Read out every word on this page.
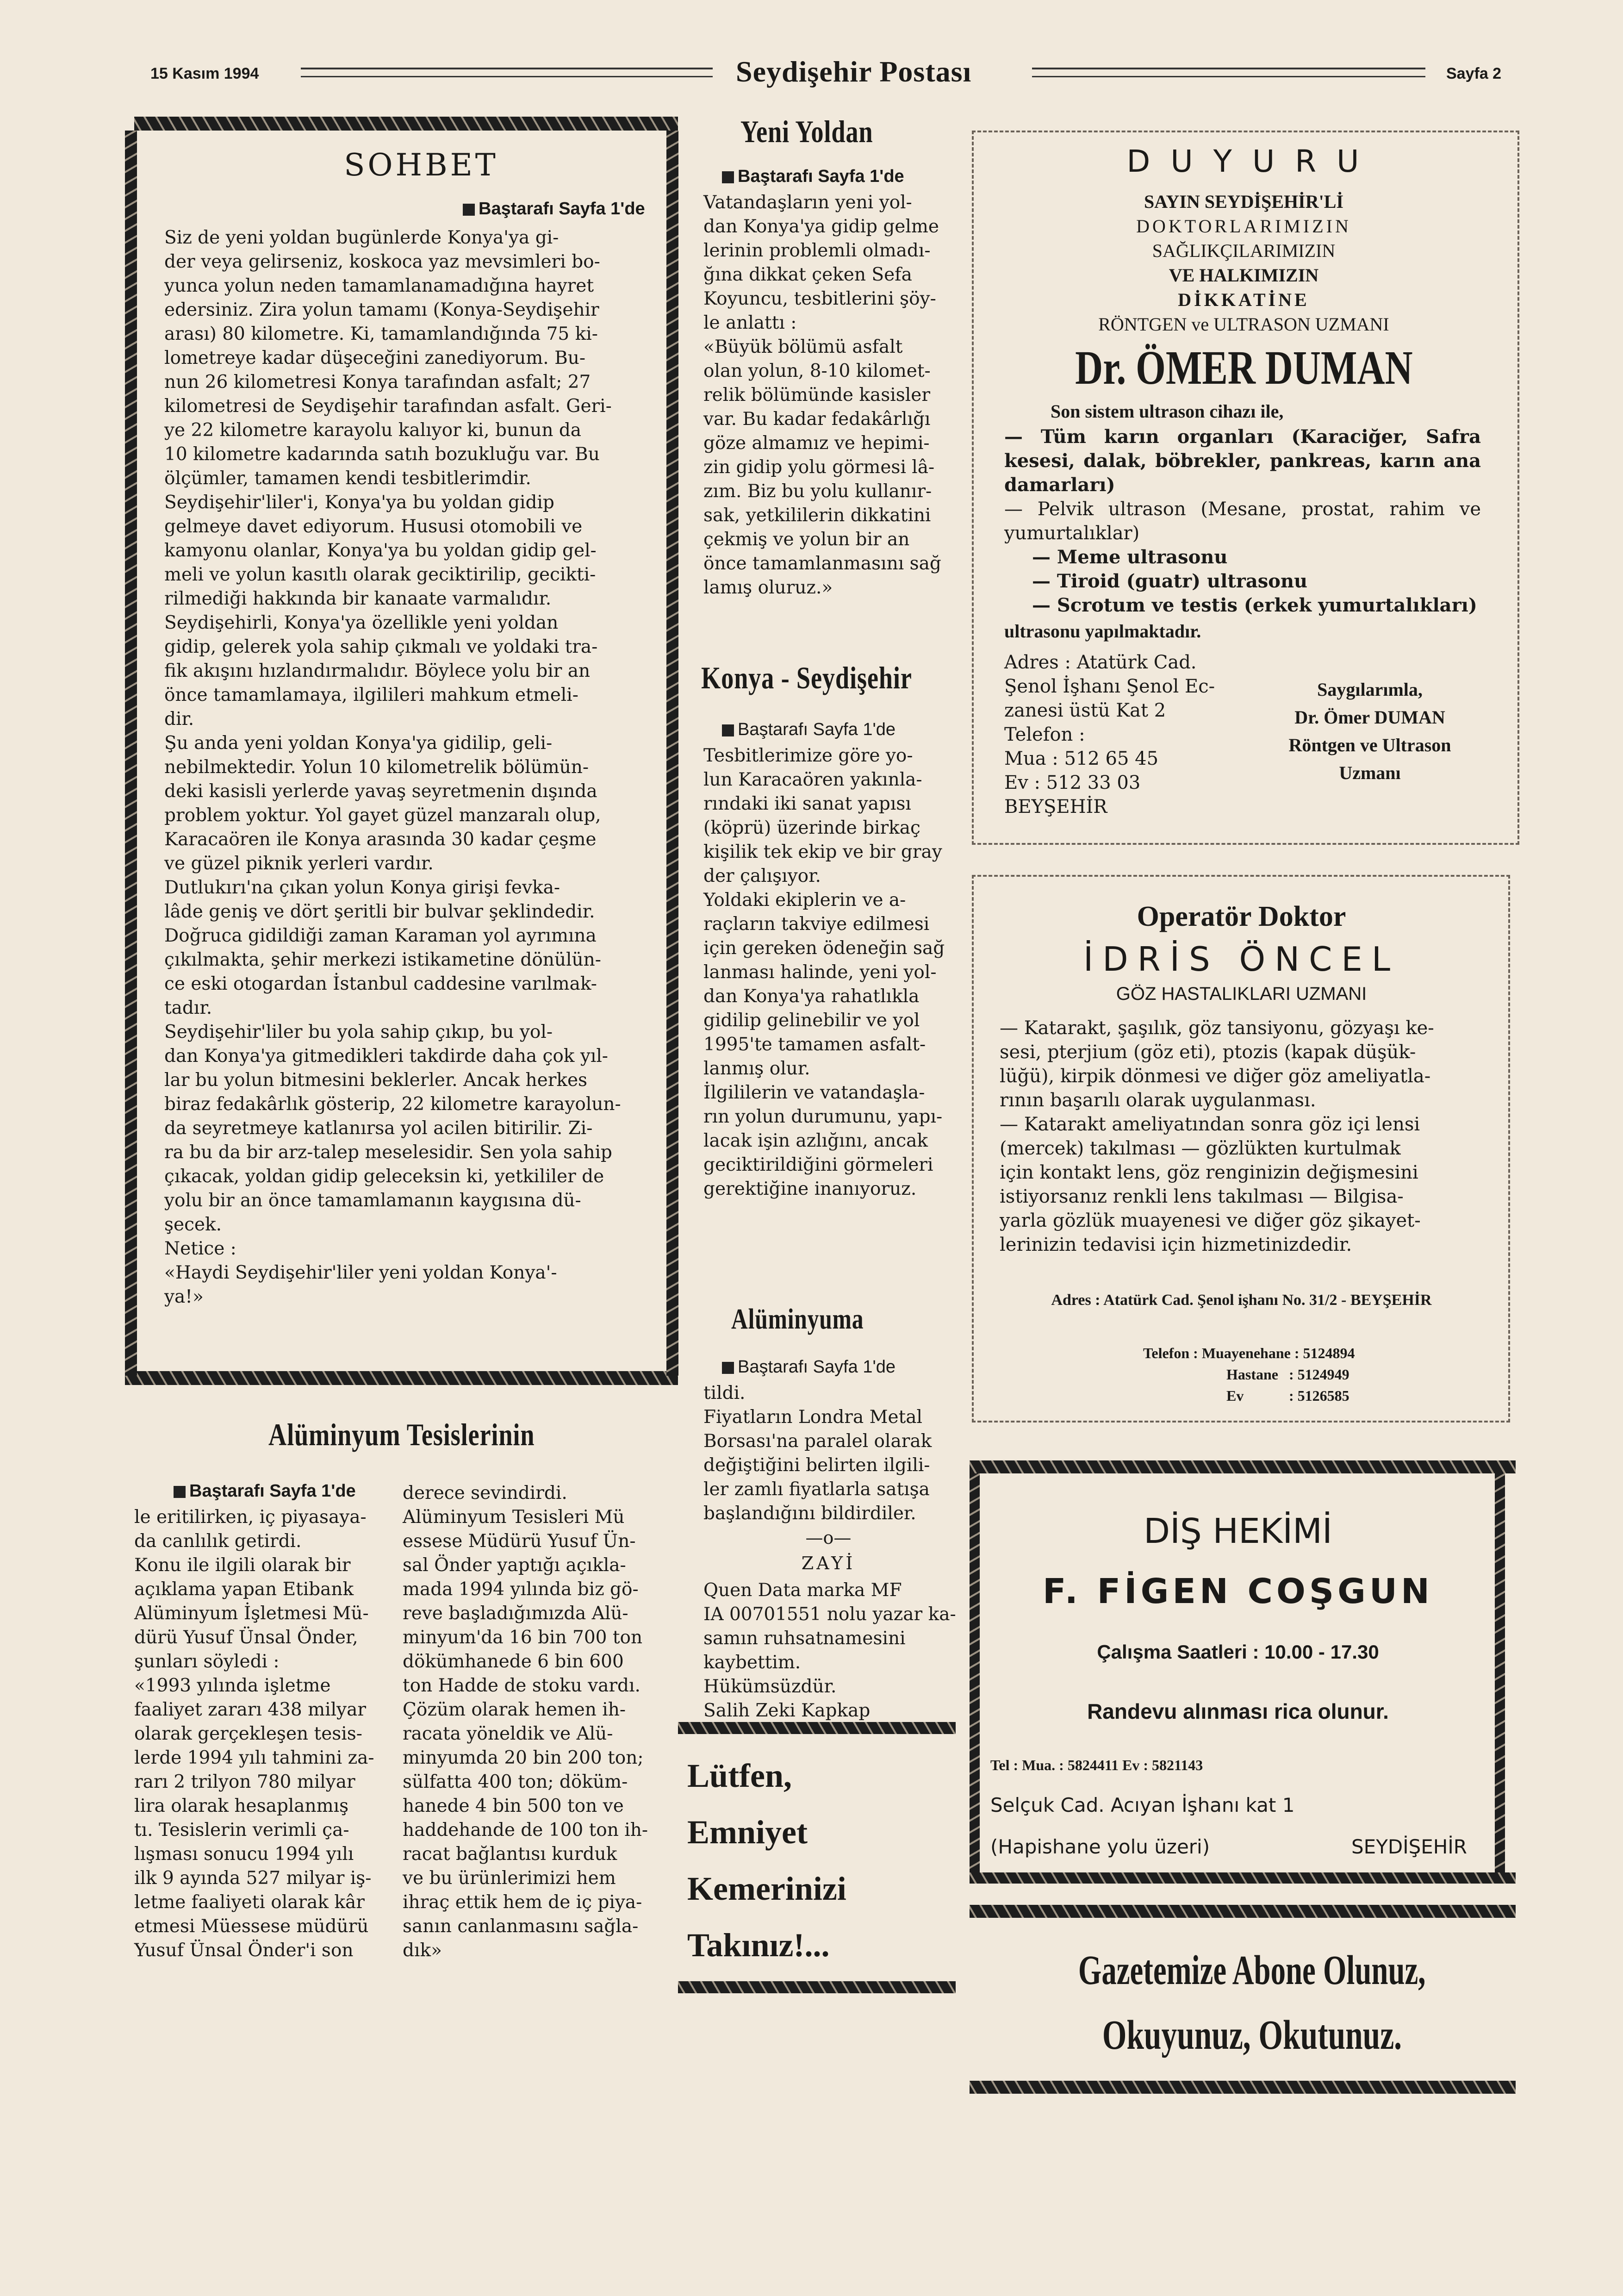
15 Kasım 1994	Seydişehir Postası	Sayfa 2
SOHBET
Baştarafı Sayfa 1'de
Siz de yeni yoldan bugünlerde Konya'ya gi-
der veya gelirseniz, koskoca yaz mevsimleri bo-
yunca yolun neden tamamlanamadığına hayret
edersiniz. Zira yolun tamamı (Konya-Seydişehir
arası) 80 kilometre. Ki, tamamlandığında 75 ki-
lometreye kadar düşeceğini zanediyorum. Bu-
nun 26 kilometresi Konya tarafından asfalt; 27
kilometresi de Seydişehir tarafından asfalt. Geri-
ye 22 kilometre karayolu kalıyor ki, bunun da
10 kilometre kadarında satıh bozukluğu var. Bu
ölçümler, tamamen kendi tesbitlerimdir.
Seydişehir'liler'i, Konya'ya bu yoldan gidip
gelmeye davet ediyorum. Hususi otomobili ve
kamyonu olanlar, Konya'ya bu yoldan gidip gel-
meli ve yolun kasıtlı olarak geciktirilip, gecikti-
rilmediği hakkında bir kanaate varmalıdır.
Seydişehirli, Konya'ya özellikle yeni yoldan
gidip, gelerek yola sahip çıkmalı ve yoldaki tra-
fik akışını hızlandırmalıdır. Böylece yolu bir an
önce tamamlamaya, ilgilileri mahkum etmeli-
dir.
Şu anda yeni yoldan Konya'ya gidilip, geli-
nebilmektedir. Yolun 10 kilometrelik bölümün-
deki kasisli yerlerde yavaş seyretmenin dışında
problem yoktur. Yol gayet güzel manzaralı olup,
Karacaören ile Konya arasında 30 kadar çeşme
ve güzel piknik yerleri vardır.
Dutlukırı'na çıkan yolun Konya girişi fevka-
lâde geniş ve dört şeritli bir bulvar şeklindedir.
Doğruca gidildiği zaman Karaman yol ayrımına
çıkılmakta, şehir merkezi istikametine dönülün-
ce eski otogardan İstanbul caddesine varılmak-
tadır.
Seydişehir'liler bu yola sahip çıkıp, bu yol-
dan Konya'ya gitmedikleri takdirde daha çok yıl-
lar bu yolun bitmesini beklerler. Ancak herkes
biraz fedakârlık gösterip, 22 kilometre karayolun-
da seyretmeye katlanırsa yol acilen bitirilir. Zi-
ra bu da bir arz-talep meselesidir. Sen yola sahip
çıkacak, yoldan gidip geleceksin ki, yetkililer de
yolu bir an önce tamamlamanın kaygısına dü-
şecek.
Netice :
«Haydi Seydişehir'liler yeni yoldan Konya'-
ya!»
Alüminyum Tesislerinin
Baştarafı Sayfa 1'de
le eritilirken, iç piyasaya-
da canlılık getirdi.
Konu ile ilgili olarak bir
açıklama yapan Etibank
Alüminyum İşletmesi Mü-
dürü Yusuf Ünsal Önder,
şunları söyledi :
«1993 yılında işletme
faaliyet zararı 438 milyar
olarak gerçekleşen tesis-
lerde 1994 yılı tahmini za-
rarı 2 trilyon 780 milyar
lira olarak hesaplanmış
tı. Tesislerin verimli ça-
lışması sonucu 1994 yılı
ilk 9 ayında 527 milyar iş-
letme faaliyeti olarak kâr
etmesi Müessese müdürü
Yusuf Ünsal Önder'i son
derece sevindirdi.
Alüminyum Tesisleri Mü
essese Müdürü Yusuf Ün-
sal Önder yaptığı açıkla-
mada 1994 yılında biz gö-
reve başladığımızda Alü-
minyum'da 16 bin 700 ton
dökümhanede 6 bin 600
ton Hadde de stoku vardı.
Çözüm olarak hemen ih-
racata yöneldik ve Alü-
minyumda 20 bin 200 ton;
sülfatta 400 ton; döküm-
hanede 4 bin 500 ton ve
haddehande de 100 ton ih-
racat bağlantısı kurduk
ve bu ürünlerimizi hem
ihraç ettik hem de iç piya-
sanın canlanmasını sağla-
dık»
Yeni Yoldan
Baştarafı Sayfa 1'de
Vatandaşların yeni yol-
dan Konya'ya gidip gelme
lerinin problemli olmadı-
ğına dikkat çeken Sefa
Koyuncu, tesbitlerini şöy-
le anlattı :
«Büyük bölümü asfalt
olan yolun, 8-10 kilomet-
relik bölümünde kasisler
var. Bu kadar fedakârlığı
göze almamız ve hepimi-
zin gidip yolu görmesi lâ-
zım. Biz bu yolu kullanır-
sak, yetkililerin dikkatini
çekmiş ve yolun bir an
önce tamamlanmasını sağ
lamış oluruz.»
Konya - Seydişehir
Baştarafı Sayfa 1'de
Tesbitlerimize göre yo-
lun Karacaören yakınla-
rındaki iki sanat yapısı
(köprü) üzerinde birkaç
kişilik tek ekip ve bir gray
der çalışıyor.
Yoldaki ekiplerin ve a-
raçların takviye edilmesi
için gereken ödeneğin sağ
lanması halinde, yeni yol-
dan Konya'ya rahatlıkla
gidilip gelinebilir ve yol
1995'te tamamen asfalt-
lanmış olur.
İlgililerin ve vatandaşla-
rın yolun durumunu, yapı-
lacak işin azlığını, ancak
geciktirildiğini görmeleri
gerektiğine inanıyoruz.
Alüminyuma
Baştarafı Sayfa 1'de
tildi.
Fiyatların Londra Metal
Borsası'na paralel olarak
değiştiğini belirten ilgili-
ler zamlı fiyatlarla satışa
başlandığını bildirdiler.
—o—
ZAYİ
Quen Data marka MF
IA 00701551 nolu yazar ka-
samın ruhsatnamesini
kaybettim.
Hükümsüzdür.
Salih Zeki Kapkap
Lütfen,
Emniyet
Kemerinizi
Takınız!...
DUYURU
SAYIN SEYDİŞEHİR'Lİ
DOKTORLARIMIZIN
SAĞLIKÇILARIMIZIN
VE HALKIMIZIN
DİKKATİNE
RÖNTGEN ve ULTRASON UZMANI
Dr. ÖMER DUMAN
Son sistem ultrason cihazı ile,
— Tüm karın organları (Karaciğer, Safra kesesi, dalak, böbrekler, pankreas, karın ana damarları)
— Pelvik ultrason (Mesane, prostat, rahim ve yumurtalıklar)
— Meme ultrasonu
— Tiroid (guatr) ultrasonu
— Scrotum ve testis (erkek yumurtalıkları)
ultrasonu yapılmaktadır.
Adres : Atatürk Cad.
Şenol İşhanı Şenol Ec-
zanesi üstü Kat 2
Telefon :
Mua : 512 65 45
Ev : 512 33 03
BEYŞEHİR
Saygılarımla,
Dr. Ömer DUMAN
Röntgen ve Ultrason
Uzmanı
Operatör Doktor
İDRİS ÖNCEL
GÖZ HASTALIKLARI UZMANI
— Katarakt, şaşılık, göz tansiyonu, gözyaşı ke-
sesi, pterjium (göz eti), ptozis (kapak düşük-
lüğü), kirpik dönmesi ve diğer göz ameliyatla-
rının başarılı olarak uygulanması.
— Katarakt ameliyatından sonra göz içi lensi
(mercek) takılması — gözlükten kurtulmak
için kontakt lens, göz renginizin değişmesini
istiyorsanız renkli lens takılması — Bilgisa-
yarla gözlük muayenesi ve diğer göz şikayet-
lerinizin tedavisi için hizmetinizdedir.
Adres : Atatürk Cad. Şenol işhanı No. 31/2 - BEYŞEHİR
Telefon : Muayenehane : 5124894
Hastane : 5124949
Ev	: 5126585
DİŞ HEKİMİ
F. FİGEN COŞGUN
Çalışma Saatleri : 10.00 - 17.30
Randevu alınması rica olunur.
Tel : Mua. : 5824411 Ev : 5821143
Selçuk Cad. Acıyan İşhanı kat 1
(Hapishane yolu üzeri)	SEYDİŞEHİR
Gazetemize Abone Olunuz,
Okuyunuz, Okutunuz.
